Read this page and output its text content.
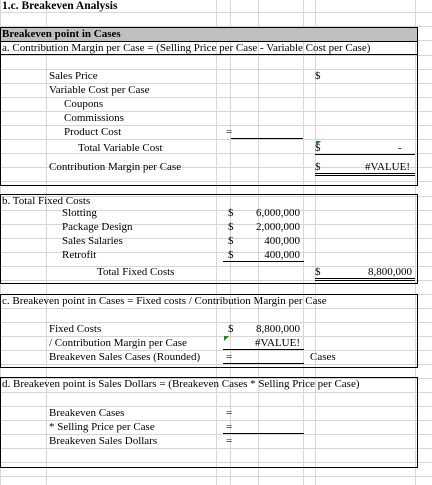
1.c. Breakeven Analysis
Breakeven point in Cases
a. Contribution Margin per Case = (Selling Price per Case - Variable Cost per Case)
Sales Price	$
Variable Cost per Case
Coupons
Commissions
Product Cost	=
Total Variable Cost	$	-
Contribution Margin per Case	$	#VALUE!
b. Total Fixed Costs
Slotting	$	6,000,000
Package Design	$	2,000,000
Sales Salaries	$	400,000
Retrofit	$	400,000
Total Fixed Costs	$	8,800,000
c. Breakeven point in Cases = Fixed costs / Contribution Margin per Case
Fixed Costs	$	8,800,000
/ Contribution Margin per Case	#VALUE!
Breakeven Sales Cases (Rounded) =	Cases
d. Breakeven point is Sales Dollars = (Breakeven Cases * Selling Price per Case)
Breakeven Cases	=
* Selling Price per Case	=
Breakeven Sales Dollars	=
